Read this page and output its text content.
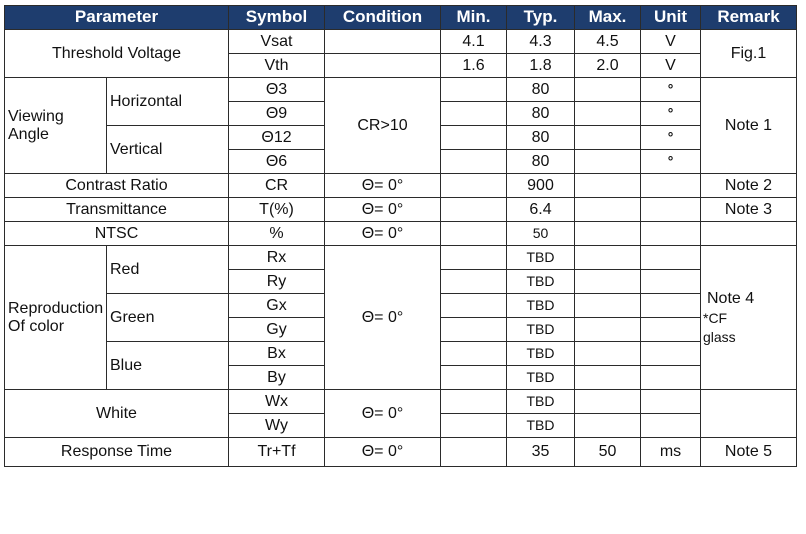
Parameter		Symbol	Condition	Min.	Typ.	Max.	Unit	Remark
Threshold Voltage		Vsat		4.1	4.3	4.5	V	Fig.1
		Vth		1.6	1.8	2.0	V	
Viewing Angle	Horizontal	Θ3	CR>10		80		°	Note 1
		Θ9			80		°	
	Vertical	Θ12			80		°	
		Θ6			80		°	
Contrast Ratio		CR	Θ= 0°		900			Note 2
Transmittance		T(%)	Θ= 0°		6.4			Note 3
NTSC		%	Θ= 0°		50			
Reproduction Of color	Red	Rx	Θ= 0°		TBD			Note 4
*CF
glass

		Ry			TBD			
	Green	Gx			TBD			
		Gy			TBD			
	Blue	Bx			TBD			
		By			TBD			
White		Wx	Θ= 0°		TBD			
		Wy			TBD			
Response Time		Tr+Tf	Θ= 0°		35	50	ms	Note 5
